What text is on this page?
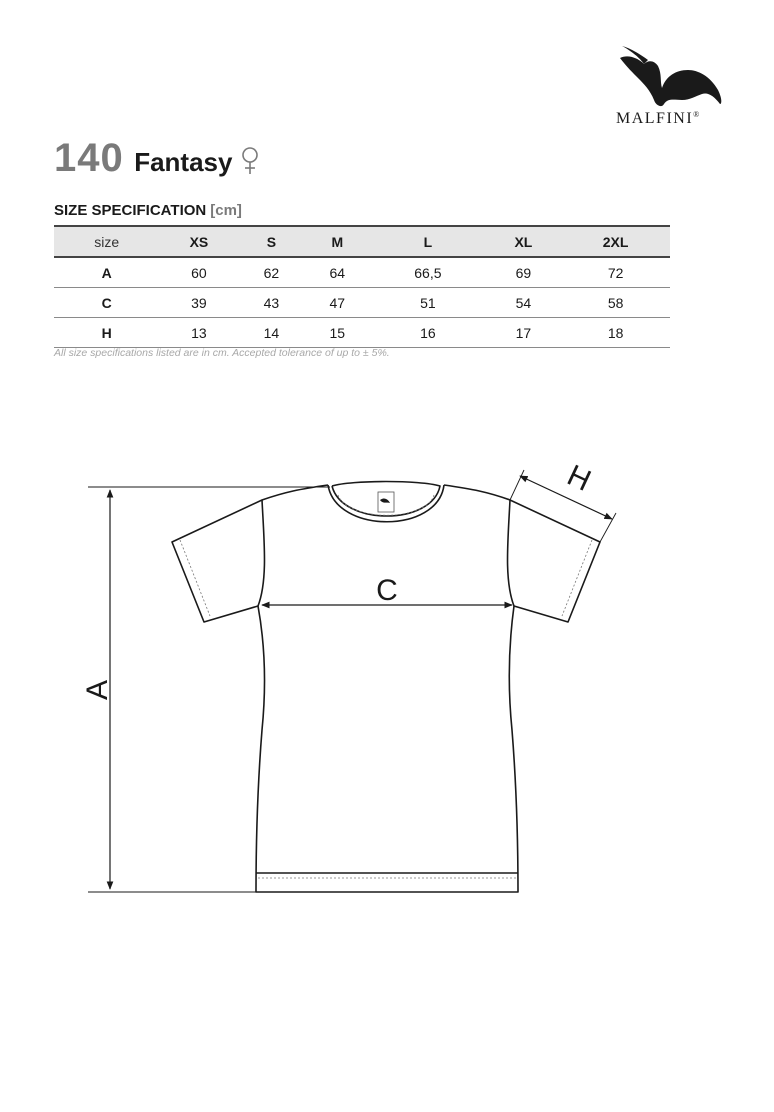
MALFINI®
140 Fantasy
SIZE SPECIFICATION [cm]
size	XS	S	M	L	XL	2XL
A	60	62	64	66,5	69	72
C	39	43	47	51	54	58
H	13	14	15	16	17	18
All size specifications listed are in cm. Accepted tolerance of up to ± 5%.
A
C
H
